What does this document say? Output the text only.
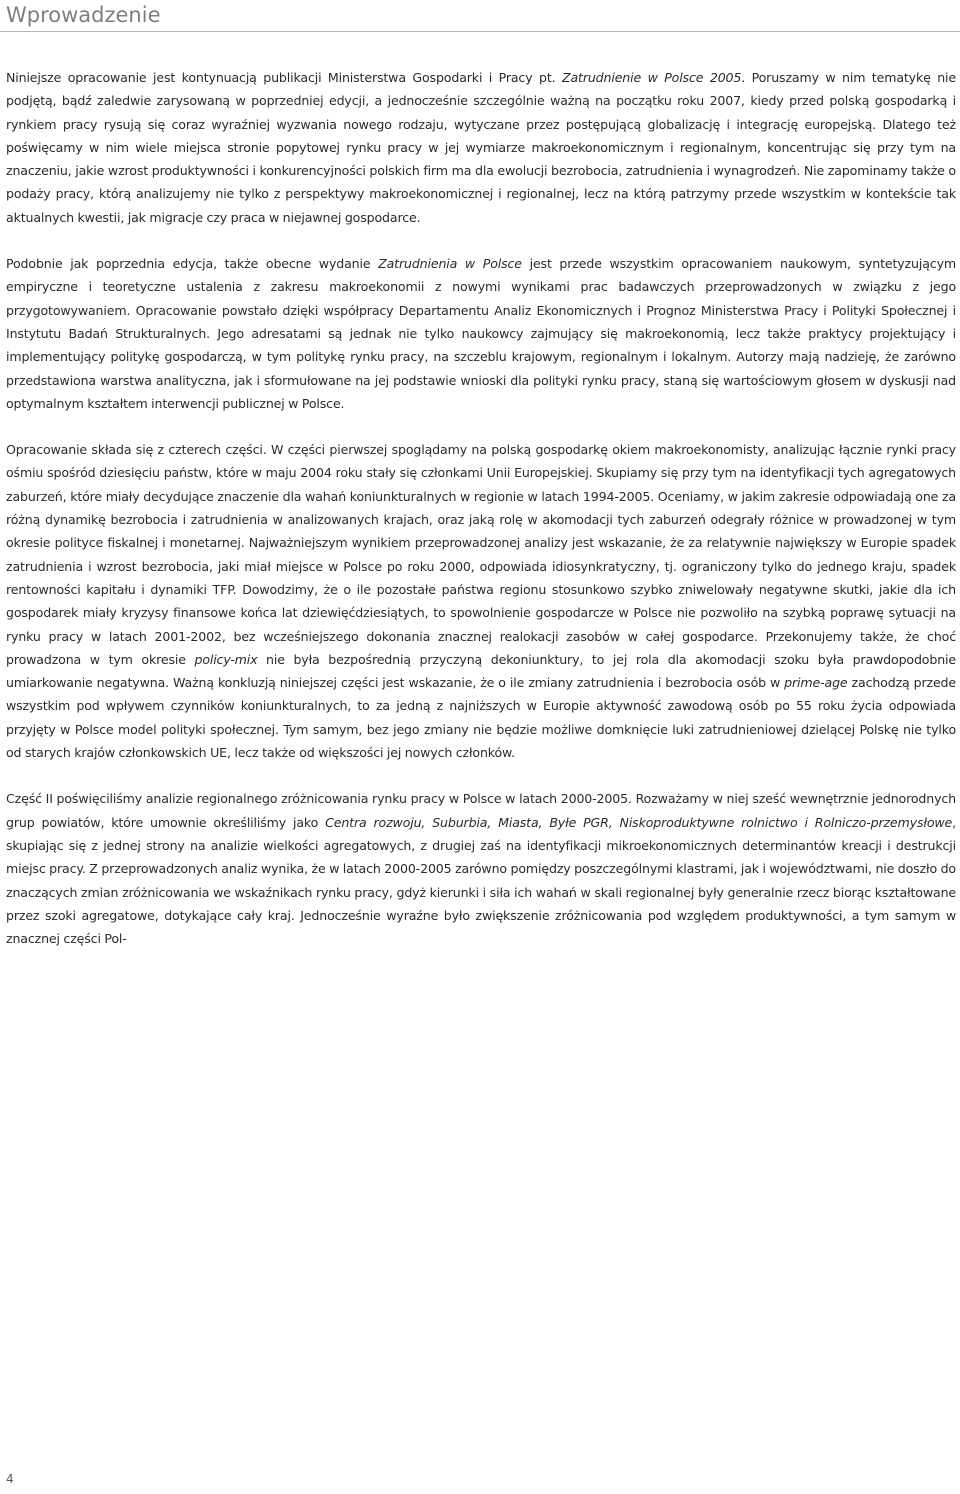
Wprowadzenie

Niniejsze opracowanie jest kontynuacją publikacji Ministerstwa Gospodarki i Pracy pt. Zatrudnienie w Polsce 2005. Poruszamy w nim tematykę nie podjętą, bądź zaledwie zarysowaną w poprzedniej edycji, a jednocześnie szczególnie ważną na początku roku 2007, kiedy przed polską gospodarką i rynkiem pracy rysują się coraz wyraźniej wyzwania nowego rodzaju, wytyczane przez postępującą globalizację i integrację europejską. Dlatego też poświęcamy w nim wiele miejsca stronie popytowej rynku pracy w jej wymiarze makroekonomicznym i regionalnym, koncentrując się przy tym na znaczeniu, jakie wzrost produktywności i konkurencyjności polskich firm ma dla ewolucji bezrobocia, zatrudnienia i wynagrodzeń. Nie zapominamy także o podaży pracy, którą analizujemy nie tylko z perspektywy makroekonomicznej i regionalnej, lecz na którą patrzymy przede wszystkim w kontekście tak aktualnych kwestii, jak migracje czy praca w niejawnej gospodarce.

Podobnie jak poprzednia edycja, także obecne wydanie Zatrudnienia w Polsce jest przede wszystkim opracowaniem naukowym, syntetyzującym empiryczne i teoretyczne ustalenia z zakresu makroekonomii z nowymi wynikami prac badawczych przeprowadzonych w związku z jego przygotowywaniem. Opracowanie powstało dzięki współpracy Departamentu Analiz Ekonomicznych i Prognoz Ministerstwa Pracy i Polityki Społecznej i Instytutu Badań Strukturalnych. Jego adresatami są jednak nie tylko naukowcy zajmujący się makroekonomią, lecz także praktycy projektujący i implementujący politykę gospodarczą, w tym politykę rynku pracy, na szczeblu krajowym, regionalnym i lokalnym. Autorzy mają nadzieję, że zarówno przedstawiona warstwa analityczna, jak i sformułowane na jej podstawie wnioski dla polityki rynku pracy, staną się wartościowym głosem w dyskusji nad optymalnym kształtem interwencji publicznej w Polsce.

Opracowanie składa się z czterech części. W części pierwszej spoglądamy na polską gospodarkę okiem makroekonomisty, analizując łącznie rynki pracy ośmiu spośród dziesięciu państw, które w maju 2004 roku stały się członkami Unii Europejskiej. Skupiamy się przy tym na identyfikacji tych agregatowych zaburzeń, które miały decydujące znaczenie dla wahań koniunkturalnych w regionie w latach 1994-2005. Oceniamy, w jakim zakresie odpowiadają one za różną dynamikę bezrobocia i zatrudnienia w analizowanych krajach, oraz jaką rolę w akomodacji tych zaburzeń odegrały różnice w prowadzonej w tym okresie polityce fiskalnej i monetarnej. Najważniejszym wynikiem przeprowadzonej analizy jest wskazanie, że za relatywnie największy w Europie spadek zatrudnienia i wzrost bezrobocia, jaki miał miejsce w Polsce po roku 2000, odpowiada idiosynkratyczny, tj. ograniczony tylko do jednego kraju, spadek rentowności kapitału i dynamiki TFP. Dowodzimy, że o ile pozostałe państwa regionu stosunkowo szybko zniwelowały negatywne skutki, jakie dla ich gospodarek miały kryzysy finansowe końca lat dziewięćdziesiątych, to spowolnienie gospodarcze w Polsce nie pozwoliło na szybką poprawę sytuacji na rynku pracy w latach 2001-2002, bez wcześniejszego dokonania znacznej realokacji zasobów w całej gospodarce. Przekonujemy także, że choć prowadzona w tym okresie policy-mix nie była bezpośrednią przyczyną dekoniunktury, to jej rola dla akomodacji szoku była prawdopodobnie umiarkowanie negatywna. Ważną konkluzją niniejszej części jest wskazanie, że o ile zmiany zatrudnienia i bezrobocia osób w prime-age zachodzą przede wszystkim pod wpływem czynników koniunkturalnych, to za jedną z najniższych w Europie aktywność zawodową osób po 55 roku życia odpowiada przyjęty w Polsce model polityki społecznej. Tym samym, bez jego zmiany nie będzie możliwe domknięcie luki zatrudnieniowej dzielącej Polskę nie tylko od starych krajów członkowskich UE, lecz także od większości jej nowych członków.

Część II poświęciliśmy analizie regionalnego zróżnicowania rynku pracy w Polsce w latach 2000-2005. Rozważamy w niej sześć wewnętrznie jednorodnych grup powiatów, które umownie określiliśmy jako Centra rozwoju, Suburbia, Miasta, Byłe PGR, Niskoproduktywne rolnictwo i Rolniczo-przemysłowe, skupiając się z jednej strony na analizie wielkości agregatowych, z drugiej zaś na identyfikacji mikroekonomicznych determinantów kreacji i destrukcji miejsc pracy. Z przeprowadzonych analiz wynika, że w latach 2000-2005 zarówno pomiędzy poszczególnymi klastrami, jak i województwami, nie doszło do znaczących zmian zróżnicowania we wskaźnikach rynku pracy, gdyż kierunki i siła ich wahań w skali regionalnej były generalnie rzecz biorąc kształtowane przez szoki agregatowe, dotykające cały kraj. Jednocześnie wyraźne było zwiększenie zróżnicowania pod względem produktywności, a tym samym w znacznej części Pol-

4
